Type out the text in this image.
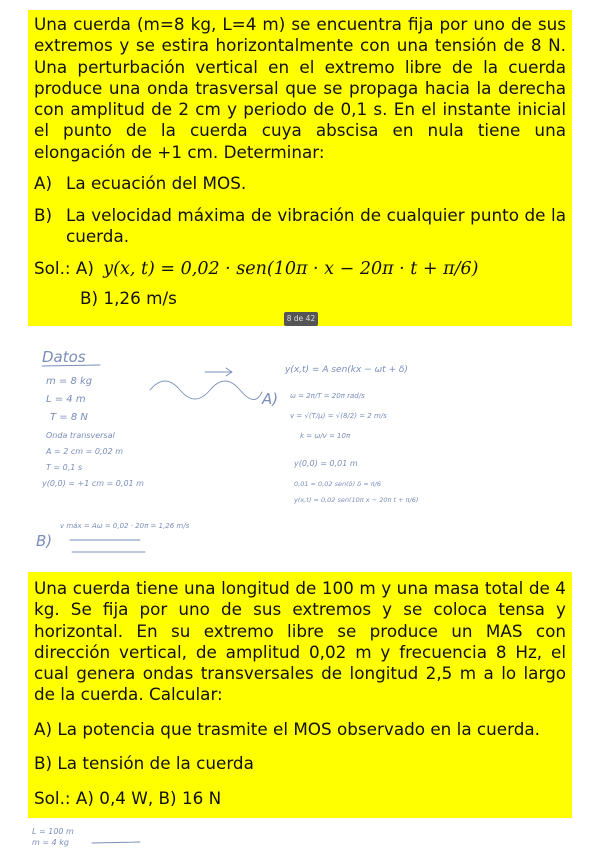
Una cuerda (m=8 kg, L=4 m) se encuentra fija por uno de sus extremos y se estira horizontalmente con una tensión de 8 N. Una perturbación vertical en el extremo libre de la cuerda produce una onda trasversal que se propaga hacia la derecha con amplitud de 2 cm y periodo de 0,1 s. En el instante inicial el punto de la cuerda cuya abscisa en nula tiene una elongación de +1 cm. Determinar:

A) La ecuación del MOS.
B) La velocidad máxima de vibración de cualquier punto de la cuerda.
Sol.: A) y(x, t) = 0,02 · sen(10π · x − 20π · t + π/6)
B) 1,26 m/s
8 de 42
Datos
m = 8 kg
L = 4 m
T = 8 N
Onda transversal
A = 2 cm = 0,02 m
T = 0,1 s
y(0,0) = +1 cm = 0,01 m
y(x,t) = A sen(kx − ωt + δ)
A) ω = 2π/T = 20π rad/s
v = √(T/μ) = √(8/2) = 2 m/s
k = ω/v = 10π
y(0,0) = 0,01 m
0,01 = 0,02 sen(δ) δ = π/6
y(x,t) = 0,02 sen(10π x − 20π t + π/6)
B)
v máx = Aω = 0,02 · 20π = 1,26 m/s

Una cuerda tiene una longitud de 100 m y una masa total de 4 kg. Se fija por uno de sus extremos y se coloca tensa y horizontal. En su extremo libre se produce un MAS con dirección vertical, de amplitud 0,02 m y frecuencia 8 Hz, el cual genera ondas transversales de longitud 2,5 m a lo largo de la cuerda. Calcular:

A)
La potencia que trasmite el MOS observado en la cuerda.
B)
La tensión de la cuerda
Sol.: A) 0,4 W, B) 16 N
L = 100 m
m = 4 kg
